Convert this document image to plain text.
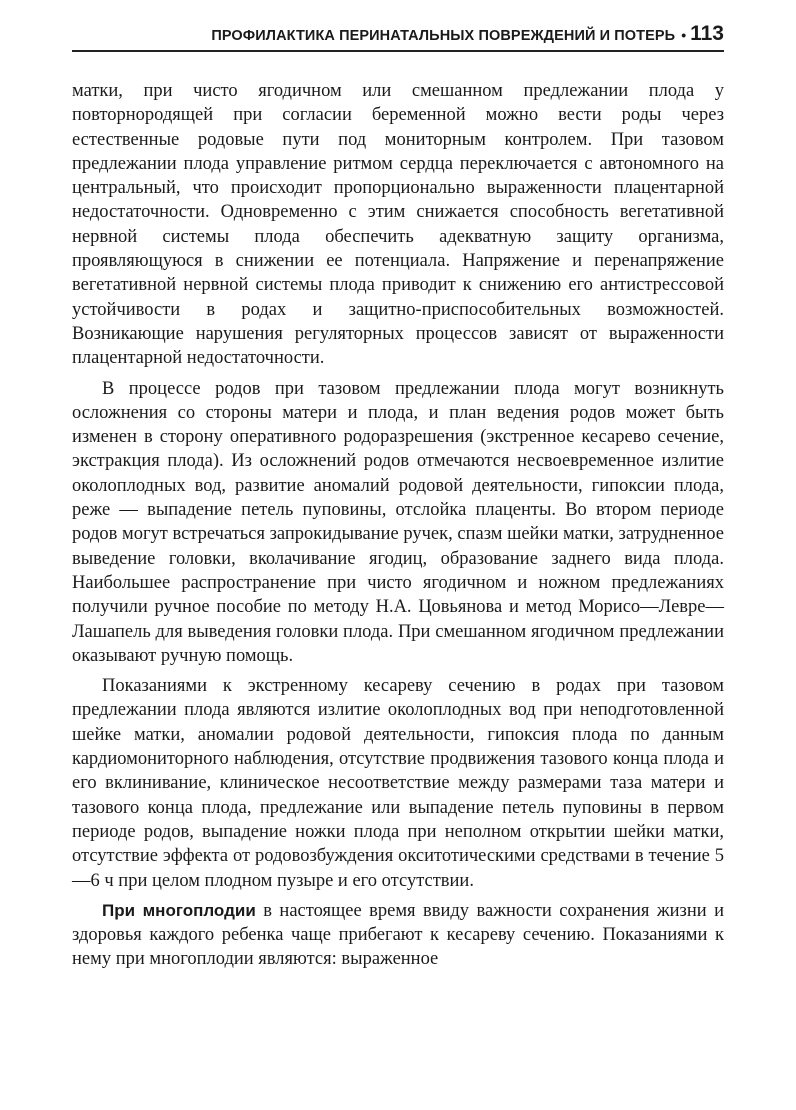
ПРОФИЛАКТИКА ПЕРИНАТАЛЬНЫХ ПОВРЕЖДЕНИЙ И ПОТЕРЬ • 113

матки, при чисто ягодичном или смешанном предлежании плода у повторнородящей при согласии беременной можно вести роды через естественные родовые пути под мониторным контролем. При тазовом предлежании плода управление ритмом сердца переключается с автономного на центральный, что происходит пропорционально выраженности плацентарной недостаточности. Одновременно с этим снижается способность вегетативной нервной системы плода обеспечить адекватную защиту организма, проявляющуюся в снижении ее потенциала. Напряжение и перенапряжение вегетативной нервной системы плода приводит к снижению его антистрессовой устойчивости в родах и защитно-приспособительных возможностей. Возникающие нарушения регуляторных процессов зависят от выраженности плацентарной недостаточности.

В процессе родов при тазовом предлежании плода могут возникнуть осложнения со стороны матери и плода, и план ведения родов может быть изменен в сторону оперативного родоразрешения (экстренное кесарево сечение, экстракция плода). Из осложнений родов отмечаются несвоевременное излитие околоплодных вод, развитие аномалий родовой деятельности, гипоксии плода, реже — выпадение петель пуповины, отслойка плаценты. Во втором периоде родов могут встречаться запрокидывание ручек, спазм шейки матки, затрудненное выведение головки, вколачивание ягодиц, образование заднего вида плода. Наибольшее распространение при чисто ягодичном и ножном предлежаниях получили ручное пособие по методу Н.А. Цовьянова и метод Морисо—Левре—Лашапель для выведения головки плода. При смешанном ягодичном предлежании оказывают ручную помощь.

Показаниями к экстренному кесареву сечению в родах при тазовом предлежании плода являются излитие околоплодных вод при неподготовленной шейке матки, аномалии родовой деятельности, гипоксия плода по данным кардиомониторного наблюдения, отсутствие продвижения тазового конца плода и его вклинивание, клиническое несоответствие между размерами таза матери и тазового конца плода, предлежание или выпадение петель пуповины в первом периоде родов, выпадение ножки плода при неполном открытии шейки матки, отсутствие эффекта от родовозбуждения окситотическими средствами в течение 5—6 ч при целом плодном пузыре и его отсутствии.

При многоплодии в настоящее время ввиду важности сохранения жизни и здоровья каждого ребенка чаще прибегают к кесареву сечению. Показаниями к нему при многоплодии являются: выраженное
